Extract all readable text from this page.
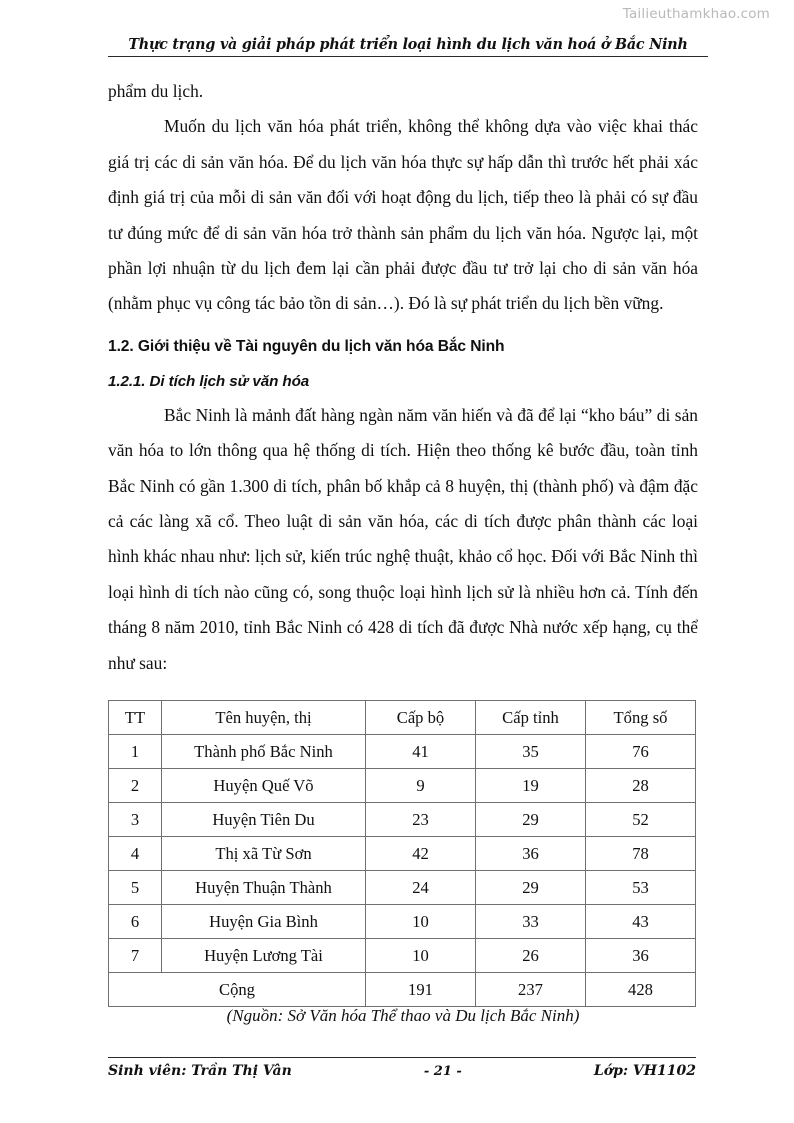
Tailieuthamkhao.com
Thực trạng và giải pháp phát triển loại hình du lịch văn hoá ở Bắc Ninh

phẩm du lịch.

Muốn du lịch văn hóa phát triển, không thể không dựa vào việc khai thác giá trị các di sản văn hóa. Để du lịch văn hóa thực sự hấp dẫn thì trước hết phải xác định giá trị của mỗi di sản văn đối với hoạt động du lịch, tiếp theo là phải có sự đầu tư đúng mức để di sản văn hóa trở thành sản phẩm du lịch văn hóa. Ngược lại, một phần lợi nhuận từ du lịch đem lại cần phải được đầu tư trở lại cho di sản văn hóa (nhằm phục vụ công tác bảo tồn di sản…). Đó là sự phát triển du lịch bền vững.

1.2. Giới thiệu về Tài nguyên du lịch văn hóa Bắc Ninh
1.2.1. Di tích lịch sử văn hóa

Bắc Ninh là mảnh đất hàng ngàn năm văn hiến và đã để lại “kho báu” di sản văn hóa to lớn thông qua hệ thống di tích. Hiện theo thống kê bước đầu, toàn tỉnh Bắc Ninh có gần 1.300 di tích, phân bố khắp cả 8 huyện, thị (thành phố) và đậm đặc cả các làng xã cổ. Theo luật di sản văn hóa, các di tích được phân thành các loại hình khác nhau như: lịch sử, kiến trúc nghệ thuật, khảo cổ học. Đối với Bắc Ninh thì loại hình di tích nào cũng có, song thuộc loại hình lịch sử là nhiều hơn cả. Tính đến tháng 8 năm 2010, tỉnh Bắc Ninh có 428 di tích đã được Nhà nước xếp hạng, cụ thể như sau:

TT	Tên huyện, thị	Cấp bộ	Cấp tỉnh	Tổng số
1	Thành phố Bắc Ninh	41	35	76
2	Huyện Quế Võ	9	19	28
3	Huyện Tiên Du	23	29	52
4	Thị xã Từ Sơn	42	36	78
5	Huyện Thuận Thành	24	29	53
6	Huyện Gia Bình	10	33	43
7	Huyện Lương Tài	10	26	36
Cộng		191	237	428
(Nguồn: Sở Văn hóa Thể thao và Du lịch Bắc Ninh)
Sinh viên: Trần Thị Vân	- 21 -	Lớp: VH1102
